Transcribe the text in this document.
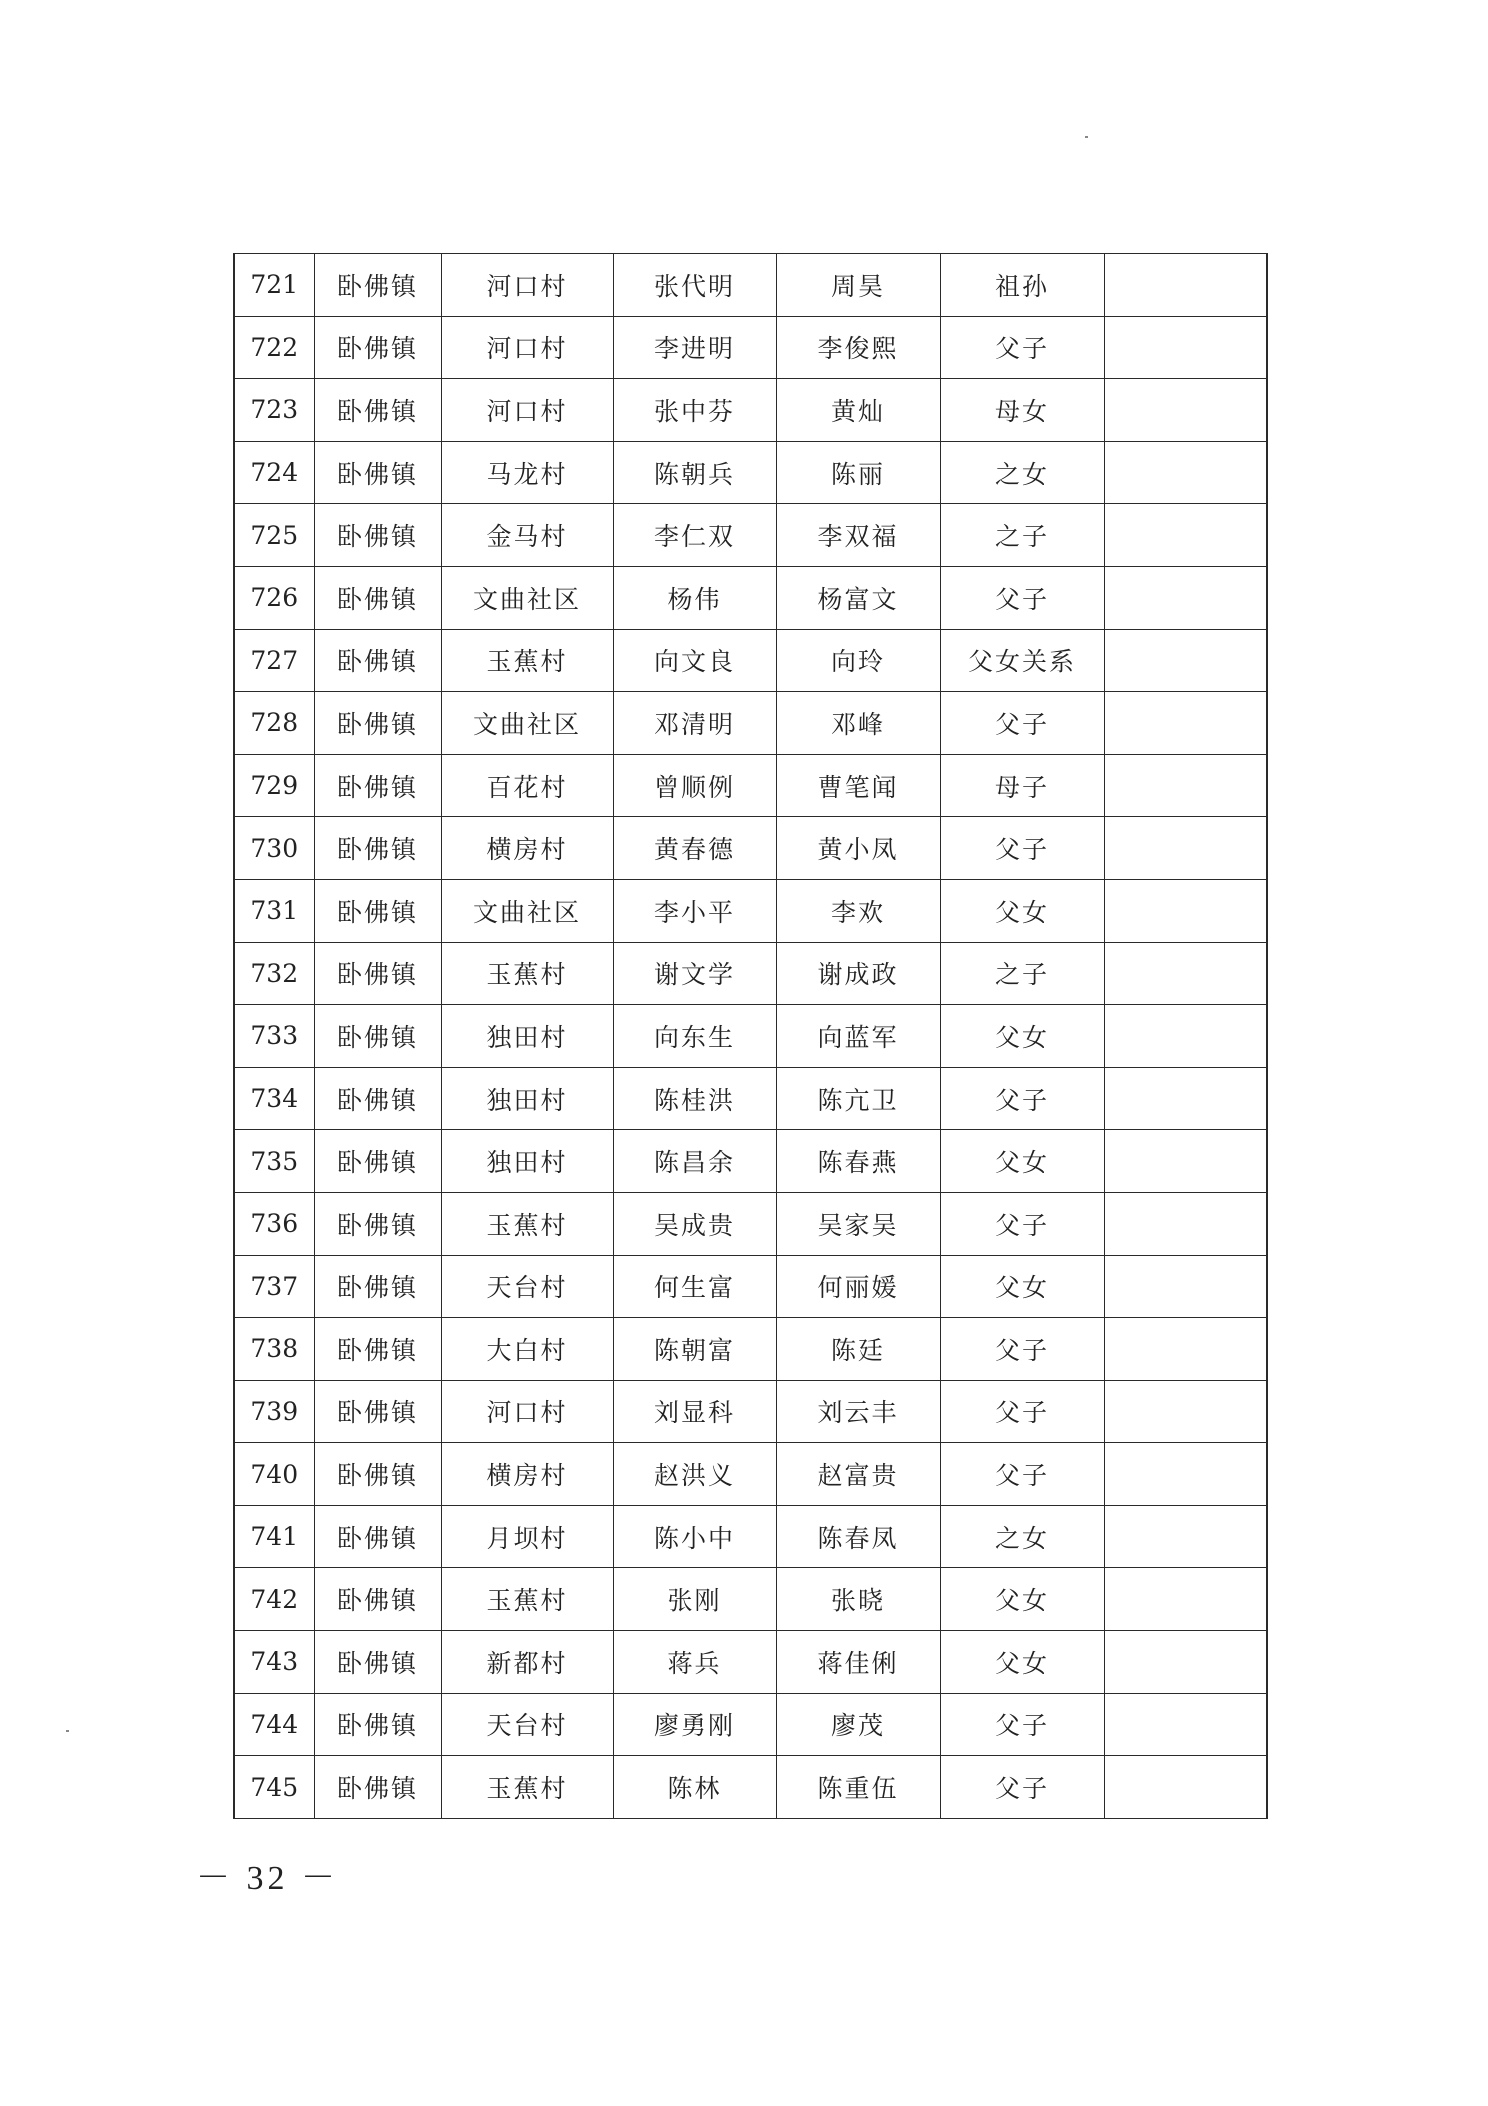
721	卧佛镇	河口村	张代明	周昊	祖孙	
722	卧佛镇	河口村	李进明	李俊熙	父子	
723	卧佛镇	河口村	张中芬	黄灿	母女	
724	卧佛镇	马龙村	陈朝兵	陈丽	之女	
725	卧佛镇	金马村	李仁双	李双福	之子	
726	卧佛镇	文曲社区	杨伟	杨富文	父子	
727	卧佛镇	玉蕉村	向文良	向玲	父女关系	
728	卧佛镇	文曲社区	邓清明	邓峰	父子	
729	卧佛镇	百花村	曾顺例	曹笔闻	母子	
730	卧佛镇	横房村	黄春德	黄小凤	父子	
731	卧佛镇	文曲社区	李小平	李欢	父女	
732	卧佛镇	玉蕉村	谢文学	谢成政	之子	
733	卧佛镇	独田村	向东生	向蓝军	父女	
734	卧佛镇	独田村	陈桂洪	陈亢卫	父子	
735	卧佛镇	独田村	陈昌余	陈春燕	父女	
736	卧佛镇	玉蕉村	吴成贵	吴家吴	父子	
737	卧佛镇	天台村	何生富	何丽媛	父女	
738	卧佛镇	大白村	陈朝富	陈廷	父子	
739	卧佛镇	河口村	刘显科	刘云丰	父子	
740	卧佛镇	横房村	赵洪义	赵富贵	父子	
741	卧佛镇	月坝村	陈小中	陈春凤	之女	
742	卧佛镇	玉蕉村	张刚	张晓	父女	
743	卧佛镇	新都村	蒋兵	蒋佳俐	父女	
744	卧佛镇	天台村	廖勇刚	廖茂	父子	
745	卧佛镇	玉蕉村	陈林	陈重伍	父子	
－ 32 －
